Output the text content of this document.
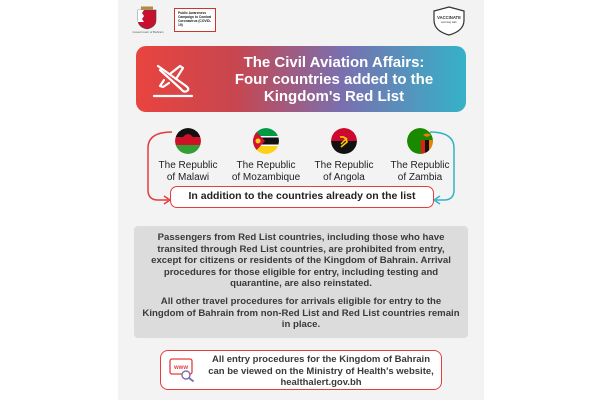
Government of Bahrain
Public Awareness Campaign to Combat Coronavirus (COVID-19)
VACCINATE
and stay safe
The Civil Aviation Affairs:
Four countries added to the
Kingdom's Red List
The Republic
of Malawi
The Republic
of Mozambique
The Republic
of Angola
The Republic
of Zambia
In addition to the countries already on the list

Passengers from Red List countries, including those who have transited through Red List countries, are prohibited from entry, except for citizens or residents of the Kingdom of Bahrain. Arrival procedures for those eligible for entry, including testing and quarantine, are also reinstated.

All other travel procedures for arrivals eligible for entry to the Kingdom of Bahrain from non-Red List and Red List countries remain in place.

www
All entry procedures for the Kingdom of Bahrain can be viewed on the Ministry of Health's website, healthalert.gov.bh
